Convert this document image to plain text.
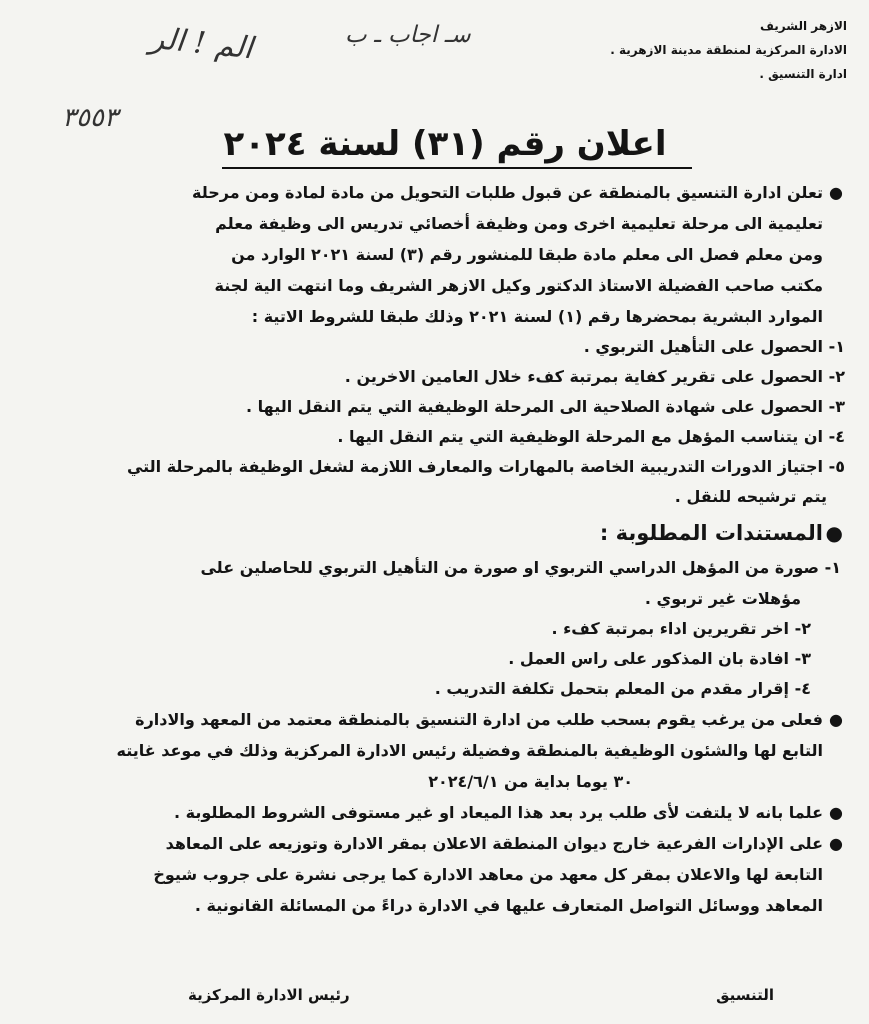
الازهر الشريف
الادارة المركزية لمنطقة مدينة الازهرية .
ادارة التنسيق .
سـ اجاب ـ ب
الم ! الر
٣٥٥٣
اعلان رقم (٣١) لسنة ٢٠٢٤
●
تعلن ادارة التنسيق بالمنطقة عن قبول طلبات التحويل من مادة لمادة ومن مرحلة
تعليمية الى مرحلة تعليمية اخرى ومن وظيفة أخصائي تدريس الى وظيفة معلم
ومن معلم فصل الى معلم مادة طبقا للمنشور رقم (٣) لسنة ٢٠٢١ الوارد من
مكتب صاحب الفضيلة الاستاذ الدكتور وكيل الازهر الشريف وما انتهت الية لجنة
الموارد البشرية بمحضرها رقم (١) لسنة ٢٠٢١ وذلك طبقا للشروط الاتية :
١- الحصول على التأهيل التربوي .
٢- الحصول على تقرير كفاية بمرتبة كفء خلال العامين الاخرين .
٣- الحصول على شهادة الصلاحية الى المرحلة الوظيفية التي يتم النقل اليها .
٤- ان يتناسب المؤهل مع المرحلة الوظيفية التي يتم النقل اليها .
٥- اجتياز الدورات التدريبية الخاصة بالمهارات والمعارف اللازمة لشغل الوظيفة بالمرحلة التي
يتم ترشيحه للنقل .
●
المستندات المطلوبة :
١- صورة من المؤهل الدراسي التربوي او صورة من التأهيل التربوي للحاصلين على
مؤهلات غير تربوي .
٢- اخر تقريرين اداء بمرتبة كفء .
٣- افادة بان المذكور على راس العمل .
٤- إقرار مقدم من المعلم بتحمل تكلفة التدريب .
●
فعلى من يرغب يقوم بسحب طلب من ادارة التنسيق بالمنطقة معتمد من المعهد والادارة
التابع لها والشئون الوظيفية بالمنطقة وفضيلة رئيس الادارة المركزية وذلك في موعد غايته
٣٠ يوما بداية من ٢٠٢٤/٦/١
●
علما بانه لا يلتفت لأى طلب يرد بعد هذا الميعاد او غير مستوفى الشروط المطلوبة .
●
على الإدارات الفرعية خارج ديوان المنطقة الاعلان بمقر الادارة وتوزيعه على المعاهد
التابعة لها والاعلان بمقر كل معهد من معاهد الادارة كما يرجى نشرة على جروب شيوخ
المعاهد ووسائل التواصل المتعارف عليها في الادارة دراءً من المسائلة القانونية .
التنسيق
رئيس الادارة المركزية
